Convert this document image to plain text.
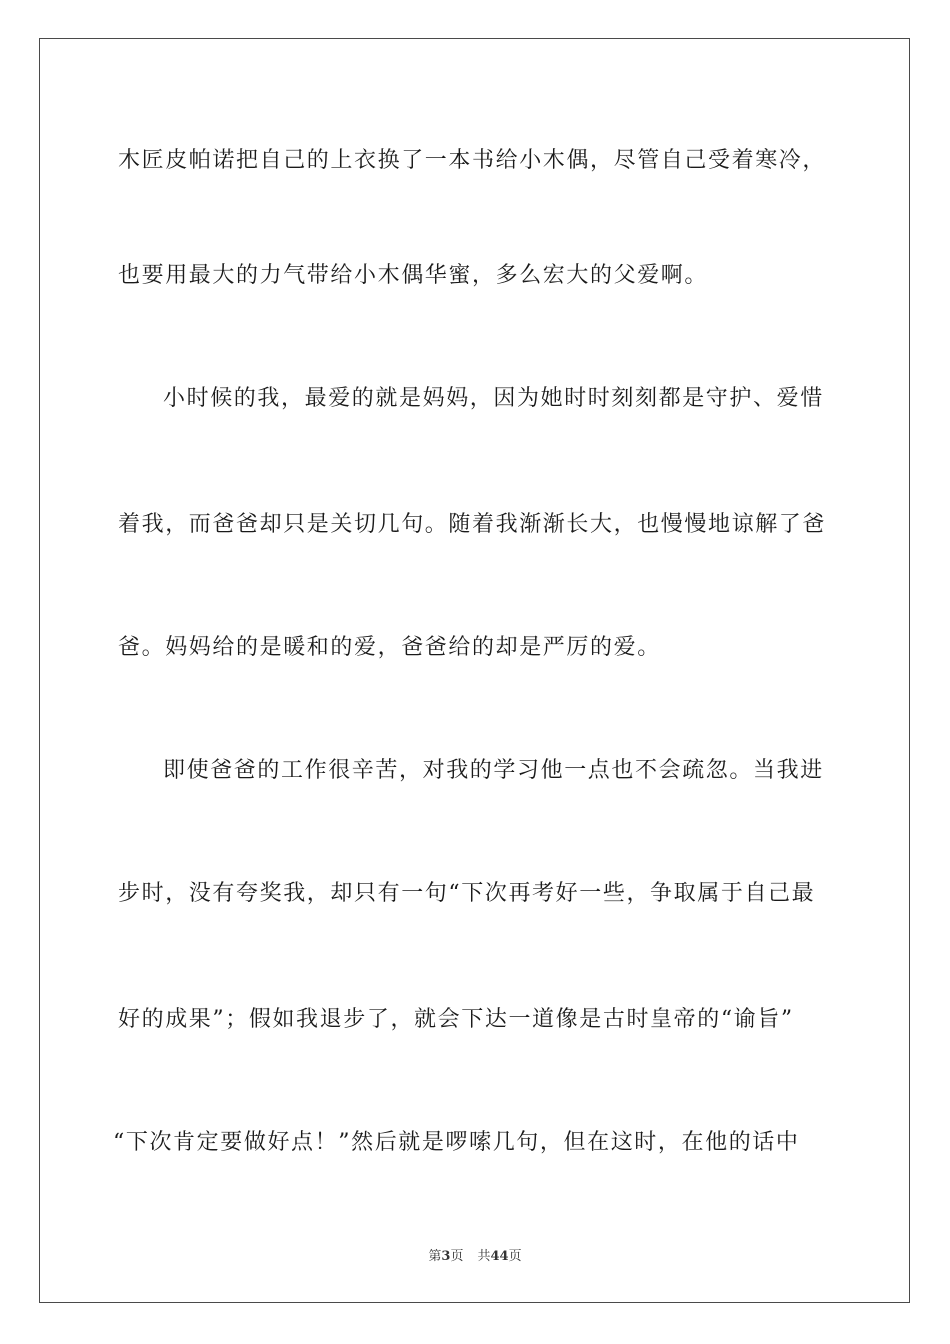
木匠皮帕诺把自己的上衣换了一本书给小木偶，尽管自己受着寒冷，
也要用最大的力气带给小木偶华蜜，多么宏大的父爱啊。
小时候的我，最爱的就是妈妈，因为她时时刻刻都是守护、爱惜
着我，而爸爸却只是关切几句。随着我渐渐长大，也慢慢地谅解了爸
爸。妈妈给的是暖和的爱，爸爸给的却是严厉的爱。
即使爸爸的工作很辛苦，对我的学习他一点也不会疏忽。当我进
步时，没有夸奖我，却只有一句“下次再考好一些，争取属于自己最
好的成果”；假如我退步了，就会下达一道像是古时皇帝的“谕旨”
“下次肯定要做好点！”然后就是啰嗦几句，但在这时，在他的话中
第3页 共44页
